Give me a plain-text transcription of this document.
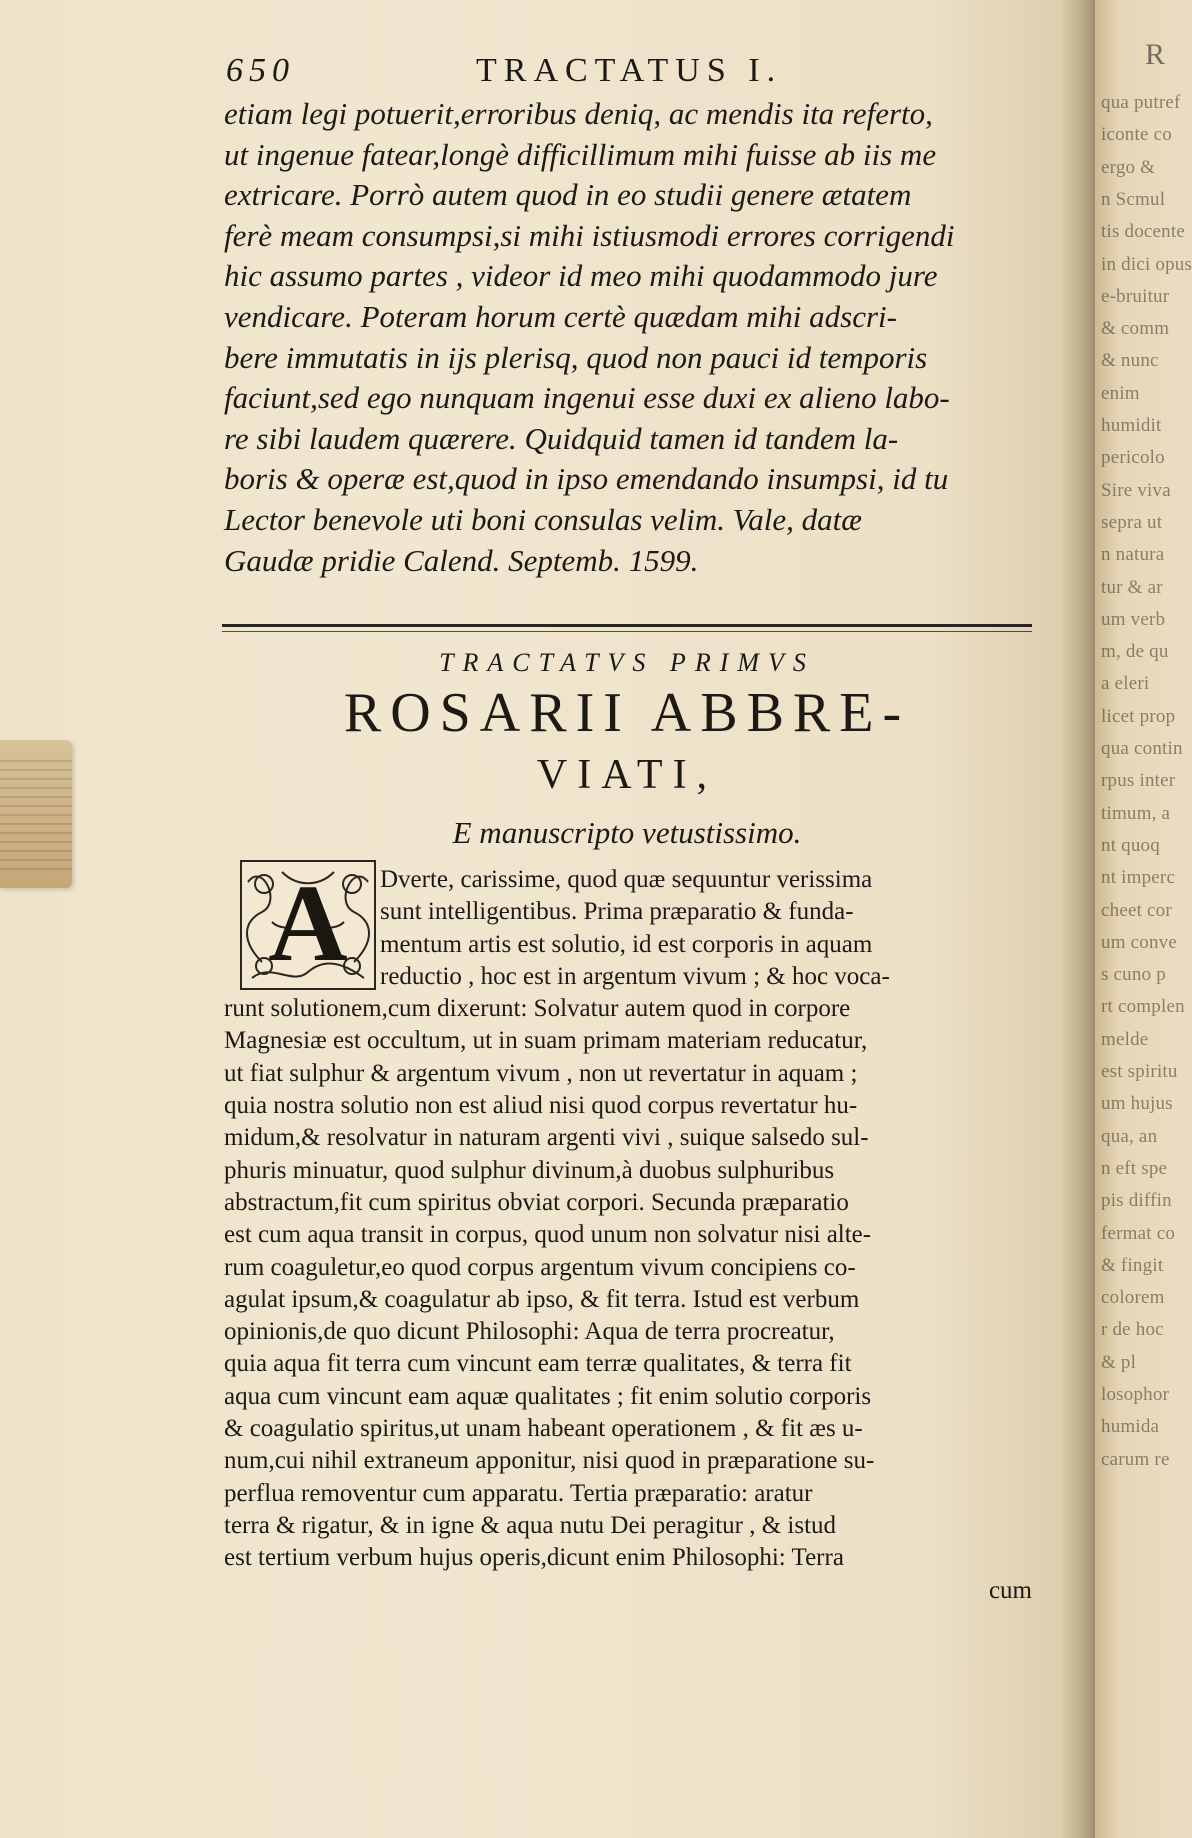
R
qua putref
iconte co
ergo &
n Scmul
tis docente
in dici opus
e-bruitur
& comm
& nunc
enim
humidit
pericolo
Sire viva
sepra ut
n natura
tur & ar
um verb
m, de qu
a eleri
licet prop
qua contin
rpus inter
timum, a
nt quoq
nt imperc
cheet cor
um conve
s cuno p
rt complen
melde
est spiritu
um hujus
qua, an
n eft spe
pis diffin
fermat co
& fingit
colorem
r de hoc
& pl
losophor
humida
carum re
650	TRACTATUS I.
etiam legi potuerit,erroribus deniq, ac mendis ita referto,
ut ingenue fatear,longè difficillimum mihi fuisse ab iis me
extricare. Porrò autem quod in eo studii genere ætatem
ferè meam consumpsi,si mihi istiusmodi errores corrigendi
hic assumo partes , videor id meo mihi quodammodo jure
vendicare. Poteram horum certè quædam mihi adscri-
bere immutatis in ijs plerisq, quod non pauci id temporis
faciunt,sed ego nunquam ingenui esse duxi ex alieno labo-
re sibi laudem quærere. Quidquid tamen id tandem la-
boris & operæ est,quod in ipso emendando insumpsi, id tu
Lector benevole uti boni consulas velim. Vale, datæ
Gaudæ pridie Calend. Septemb. 1599.
TRACTATVS PRIMVS
ROSARII ABBRE-
VIATI,
E manuscripto vetustissimo.
Dverte, carissime, quod quæ sequuntur verissima
sunt intelligentibus. Prima præparatio & funda-
mentum artis est solutio, id est corporis in aquam
reductio , hoc est in argentum vivum ; & hoc voca-
runt solutionem,cum dixerunt: Solvatur autem quod in corpore
Magnesiæ est occultum, ut in suam primam materiam reducatur,
ut fiat sulphur & argentum vivum , non ut revertatur in aquam ;
quia nostra solutio non est aliud nisi quod corpus revertatur hu-
midum,& resolvatur in naturam argenti vivi , suique salsedo sul-
phuris minuatur, quod sulphur divinum,à duobus sulphuribus
abstractum,fit cum spiritus obviat corpori. Secunda præparatio
est cum aqua transit in corpus, quod unum non solvatur nisi alte-
rum coaguletur,eo quod corpus argentum vivum concipiens co-
agulat ipsum,& coagulatur ab ipso, & fit terra. Istud est verbum
opinionis,de quo dicunt Philosophi: Aqua de terra procreatur,
quia aqua fit terra cum vincunt eam terræ qualitates, & terra fit
aqua cum vincunt eam aquæ qualitates ; fit enim solutio corporis
& coagulatio spiritus,ut unam habeant operationem , & fit æs u-
num,cui nihil extraneum apponitur, nisi quod in præparatione su-
perflua removentur cum apparatu. Tertia præparatio: aratur
terra & rigatur, & in igne & aqua nutu Dei peragitur , & istud
est tertium verbum hujus operis,dicunt enim Philosophi: Terra
cum
A
